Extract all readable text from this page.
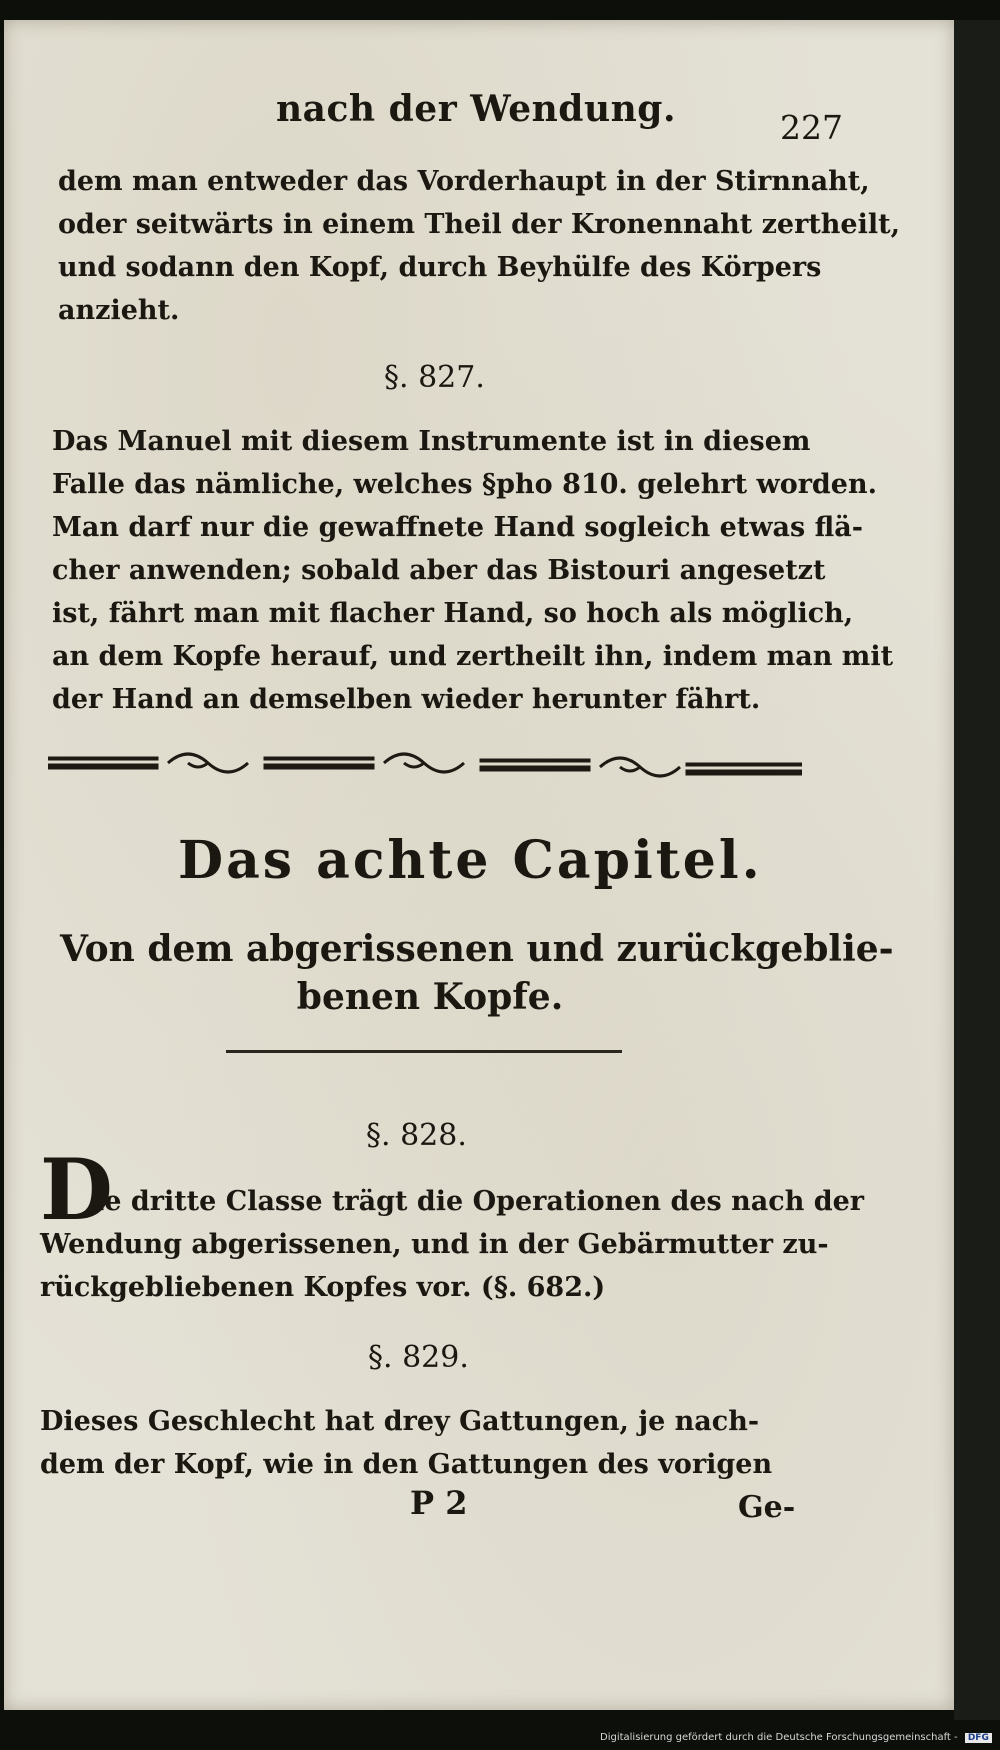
nach der Wendung.	227
dem man entweder das Vorderhaupt in der Stirnnaht,
oder seitwärts in einem Theil der Kronennaht zertheilt,
und sodann den Kopf, durch Beyhülfe des Körpers
anzieht.
§. 827.
Das Manuel mit diesem Instrumente ist in diesem
Falle das nämliche, welches §pho 810. gelehrt worden.
Man darf nur die gewaffnete Hand sogleich etwas flä-
cher anwenden; sobald aber das Bistouri angesetzt
ist, fährt man mit flacher Hand, so hoch als möglich,
an dem Kopfe herauf, und zertheilt ihn, indem man mit
der Hand an demselben wieder herunter fährt.
Das achte Capitel.
Von dem abgerissenen und zurückgeblie-
benen Kopfe.
§. 828.
D
ie dritte Classe trägt die Operationen des nach der
Wendung abgerissenen, und in der Gebärmutter zu-
rückgebliebenen Kopfes vor. (§. 682.)
§. 829.
Dieses Geschlecht hat drey Gattungen, je nach-
dem der Kopf, wie in den Gattungen des vorigen
P 2	Ge-
Digitalisierung gefördert durch die Deutsche Forschungsgemeinschaft - DFG
